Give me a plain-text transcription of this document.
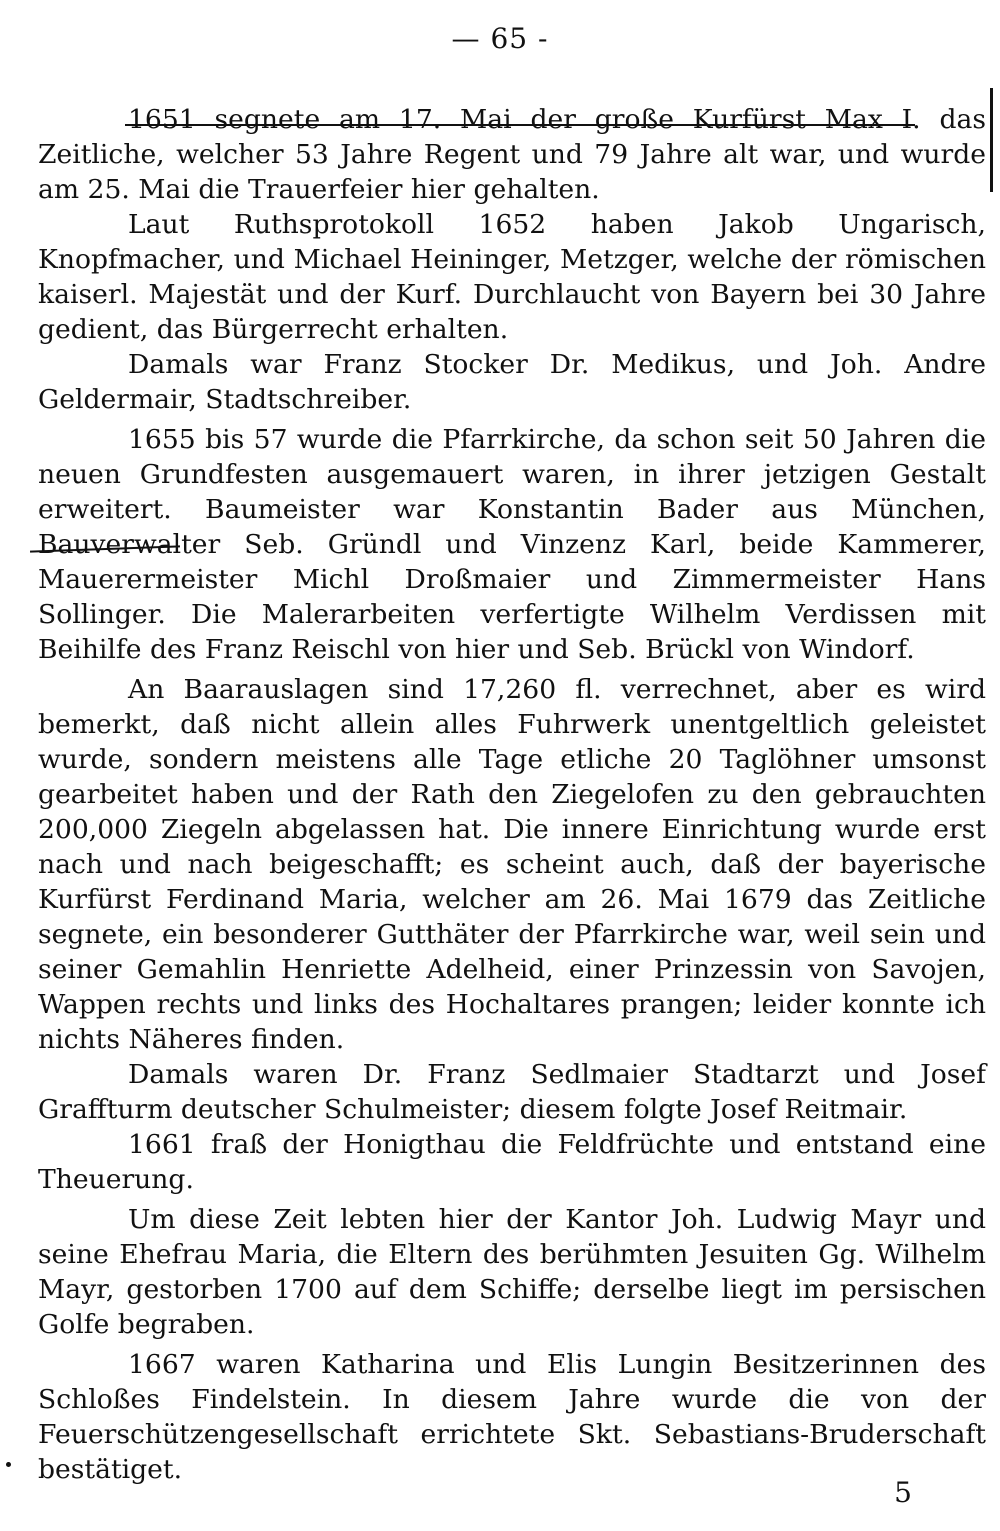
— 65 -

1651 segnete am 17. Mai der große Kurfürst Max I. das Zeitliche, welcher 53 Jahre Regent und 79 Jahre alt war, und wurde am 25. Mai die Trauerfeier hier gehalten.

Laut Ruthsprotokoll 1652 haben Jakob Ungarisch, Knopfmacher, und Michael Heininger, Metzger, welche der römischen kaiserl. Majestät und der Kurf. Durchlaucht von Bayern bei 30 Jahre gedient, das Bürgerrecht erhalten.

Damals war Franz Stocker Dr. Medikus, und Joh. Andre Geldermair, Stadtschreiber.

1655 bis 57 wurde die Pfarrkirche, da schon seit 50 Jahren die neuen Grundfesten ausgemauert waren, in ihrer jetzigen Gestalt erweitert. Baumeister war Konstantin Bader aus München, Bauverwalter Seb. Gründl und Vinzenz Karl, beide Kammerer, Mauerermeister Michl Droßmaier und Zimmermeister Hans Sollinger. Die Malerarbeiten verfertigte Wilhelm Verdissen mit Beihilfe des Franz Reischl von hier und Seb. Brückl von Windorf.

An Baarauslagen sind 17,260 fl. verrechnet, aber es wird bemerkt, daß nicht allein alles Fuhrwerk unentgeltlich geleistet wurde, sondern meistens alle Tage etliche 20 Taglöhner umsonst gearbeitet haben und der Rath den Ziegelofen zu den gebrauchten 200,000 Ziegeln abgelassen hat. Die innere Einrichtung wurde erst nach und nach beigeschafft; es scheint auch, daß der bayerische Kurfürst Ferdinand Maria, welcher am 26. Mai 1679 das Zeitliche segnete, ein besonderer Gutthäter der Pfarrkirche war, weil sein und seiner Gemahlin Henriette Adelheid, einer Prinzessin von Savojen, Wappen rechts und links des Hochaltares prangen; leider konnte ich nichts Näheres finden.

Damals waren Dr. Franz Sedlmaier Stadtarzt und Josef Graffturm deutscher Schulmeister; diesem folgte Josef Reitmair.

1661 fraß der Honigthau die Feldfrüchte und entstand eine Theuerung.

Um diese Zeit lebten hier der Kantor Joh. Ludwig Mayr und seine Ehefrau Maria, die Eltern des berühmten Jesuiten Gg. Wilhelm Mayr, gestorben 1700 auf dem Schiffe; derselbe liegt im persischen Golfe begraben.

1667 waren Katharina und Elis Lungin Besitzerinnen des Schloßes Findelstein. In diesem Jahre wurde die von der Feuerschützengesellschaft errichtete Skt. Sebastians-Bruderschaft bestätiget.

5
